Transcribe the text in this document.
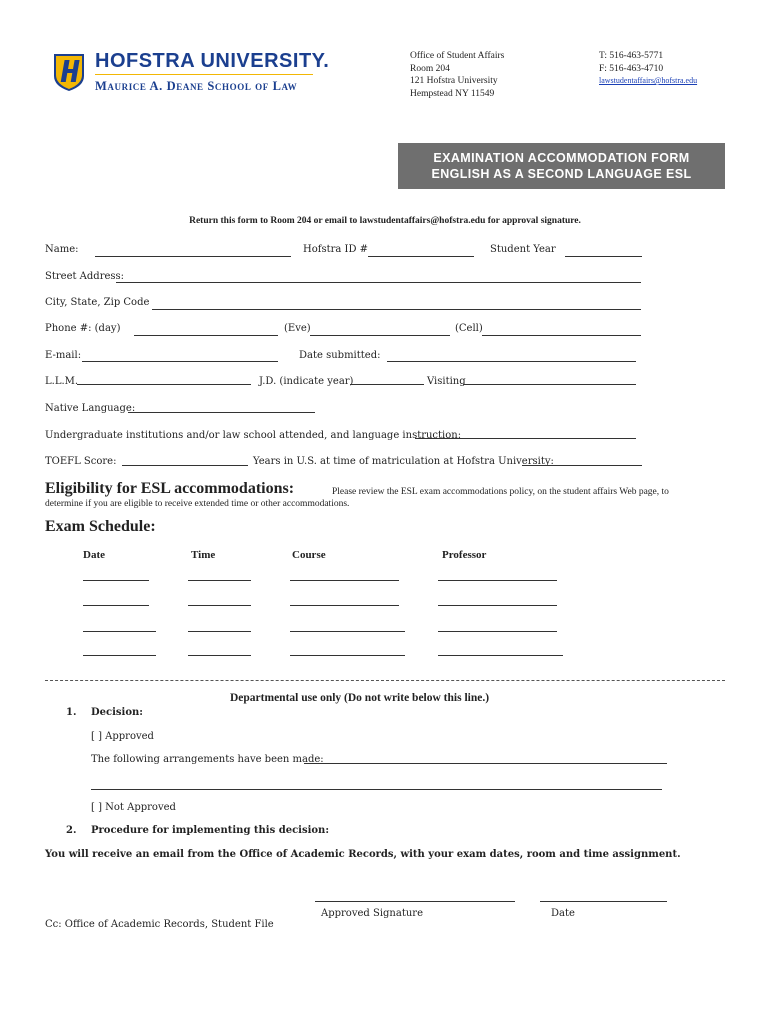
HOFSTRA UNIVERSITY.
Maurice A. Deane School of Law
Office of Student Affairs
Room 204
121 Hofstra University
Hempstead NY 11549
T: 516-463-5771
F: 516-463-4710
lawstudentaffairs@hofstra.edu
EXAMINATION ACCOMMODATION FORM
ENGLISH AS A SECOND LANGUAGE ESL
Return this form to Room 204 or email to lawstudentaffairs@hofstra.edu for approval signature.
Name:	Hofstra ID #	Student Year
Street Address:
City, State, Zip Code
Phone #: (day)	(Eve)	(Cell)
E-mail:	Date submitted:
L.L.M.	J.D. (indicate year)	Visiting
Native Language:
Undergraduate institutions and/or law school attended, and language instruction:
TOEFL Score:	Years in U.S. at time of matriculation at Hofstra University:
Eligibility for ESL accommodations:	Please review the ESL exam accommodations policy, on the student affairs Web page, to
determine if you are eligible to receive extended time or other accommodations.
Exam Schedule:
Date	Time	Course	Professor
Departmental use only (Do not write below this line.)
1. Decision:
[ ] Approved
The following arrangements have been made:
[ ] Not Approved
2. Procedure for implementing this decision:
You will receive an email from the Office of Academic Records, with your exam dates, room and time assignment.
Approved Signature	Date
Cc: Office of Academic Records, Student File
